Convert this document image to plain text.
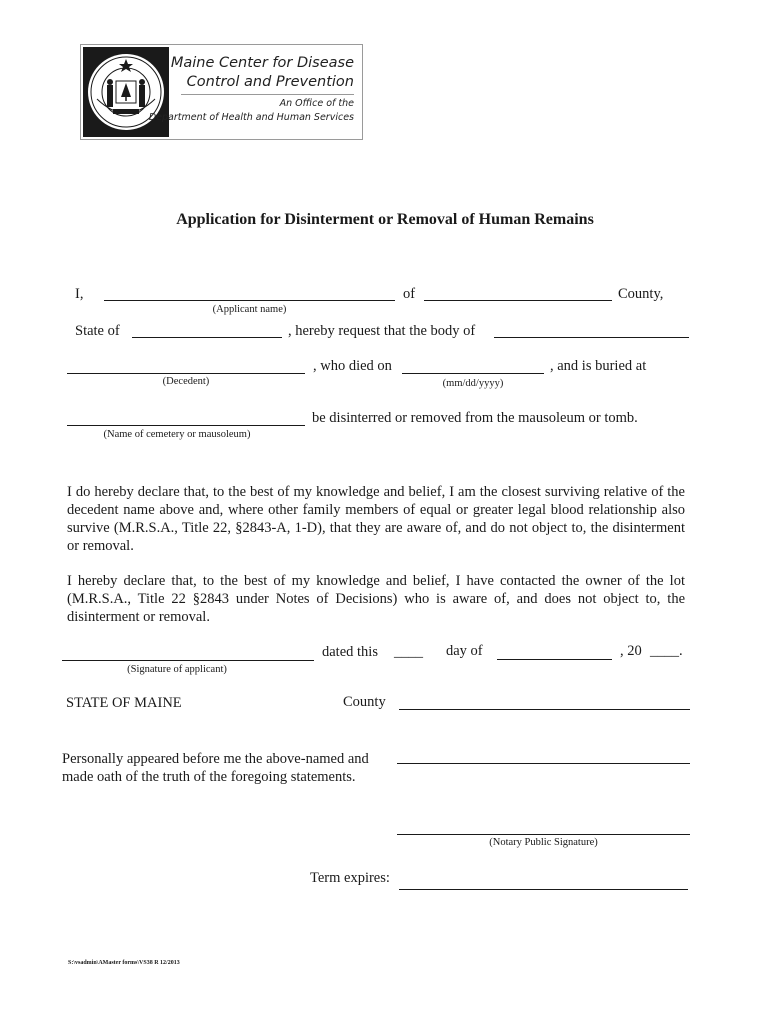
Maine Center for Disease
Control and Prevention
An Office of the
Department of Health and Human Services
Application for Disinterment or Removal of Human Remains
I,	of	County,
(Applicant name)
State of	, hereby request that the body of
, who died on	, and is buried at
(Decedent)	(mm/dd/yyyy)
be disinterred or removed from the mausoleum or tomb.
(Name of cemetery or mausoleum)
I do hereby declare that, to the best of my knowledge and belief, I am the closest surviving relative of the decedent name above and, where other family members of equal or greater legal blood relationship also survive (M.R.S.A., Title 22, §2843-A, 1-D), that they are aware of, and do not object to, the disinterment or removal.
I hereby declare that, to the best of my knowledge and belief, I have contacted the owner of the lot (M.R.S.A., Title 22 §2843 under Notes of Decisions) who is aware of, and does not object to, the disinterment or removal.
dated this ____ day of	, 20 ____.
(Signature of applicant)
STATE OF MAINE	County
Personally appeared before me the above-named and
made oath of the truth of the foregoing statements.
(Notary Public Signature)
Term expires:
S:\vsadmin\AMaster forms\VS38 R 12/2013
